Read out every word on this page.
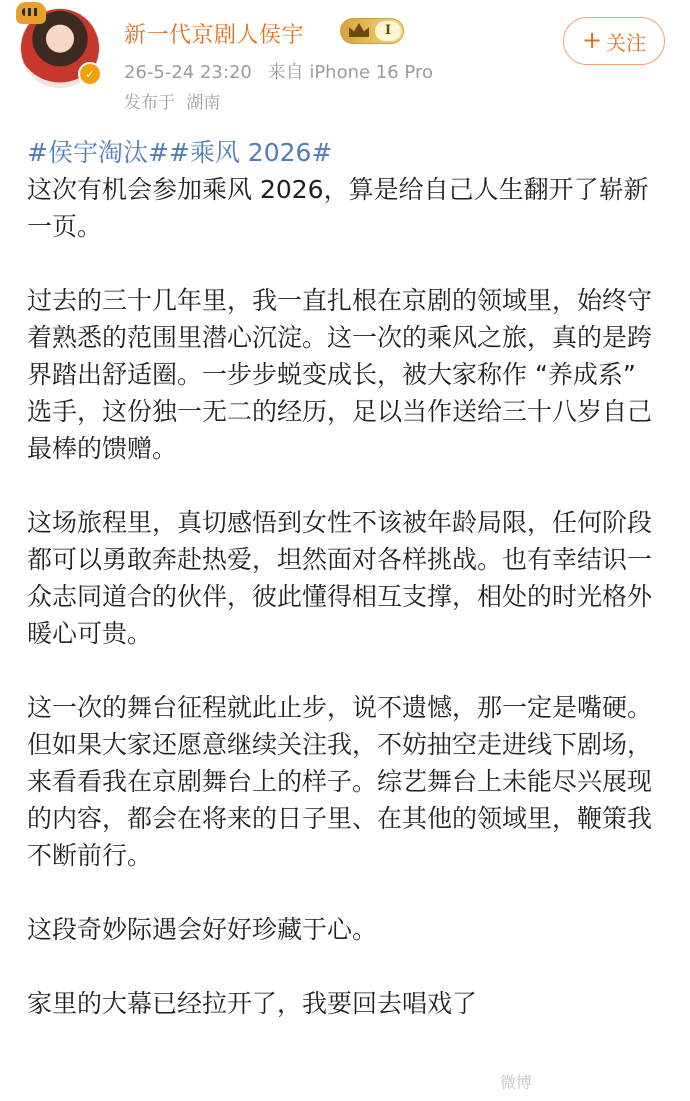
✓
新一代京剧人侯宇	I
26-5-24 23:20 来自 iPhone 16 Pro
发布于 湖南
+ 关注
#侯宇淘汰##乘风 2026#

这次有机会参加乘风 2026，算是给自己人生翻开了崭新一页。

过去的三十几年里，我一直扎根在京剧的领域里，始终守着熟悉的范围里潜心沉淀。这一次的乘风之旅，真的是跨界踏出舒适圈。一步步蜕变成长，被大家称作 “养成系” 选手，这份独一无二的经历，足以当作送给三十八岁自己最棒的馈赠。

这场旅程里，真切感悟到女性不该被年龄局限，任何阶段都可以勇敢奔赴热爱，坦然面对各样挑战。也有幸结识一众志同道合的伙伴，彼此懂得相互支撑，相处的时光格外暖心可贵。

这一次的舞台征程就此止步，说不遗憾，那一定是嘴硬。但如果大家还愿意继续关注我，不妨抽空走进线下剧场，来看看我在京剧舞台上的样子。综艺舞台上未能尽兴展现的内容，都会在将来的日子里、在其他的领域里，鞭策我不断前行。

这段奇妙际遇会好好珍藏于心。

家里的大幕已经拉开了，我要回去唱戏了

微博
